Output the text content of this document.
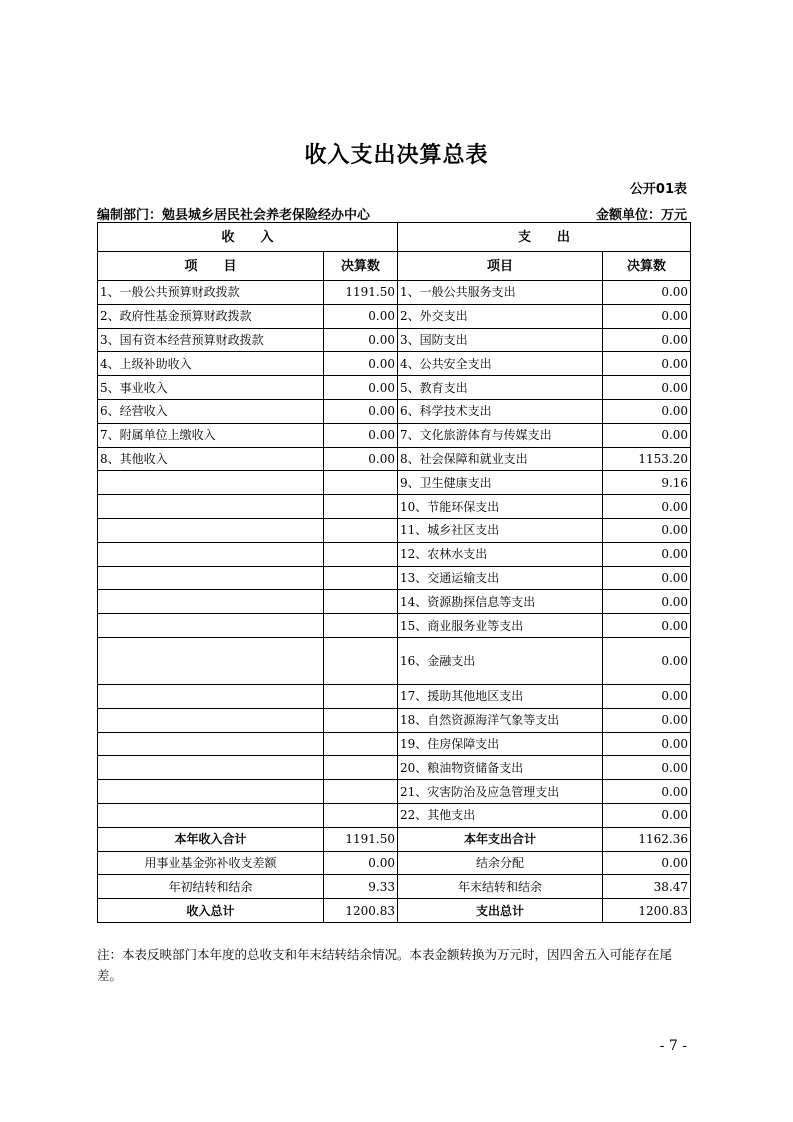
收入支出决算总表
公开01表
编制部门：勉县城乡居民社会养老保险经办中心	金额单位：万元
收　　入		支　　出	
项　　目	决算数	项目	决算数
1、一般公共预算财政拨款	1191.50	1、一般公共服务支出	0.00
2、政府性基金预算财政拨款	0.00	2、外交支出	0.00
3、国有资本经营预算财政拨款	0.00	3、国防支出	0.00
4、上级补助收入	0.00	4、公共安全支出	0.00
5、事业收入	0.00	5、教育支出	0.00
6、经营收入	0.00	6、科学技术支出	0.00
7、附属单位上缴收入	0.00	7、文化旅游体育与传媒支出	0.00
8、其他收入	0.00	8、社会保障和就业支出	1153.20
		9、卫生健康支出	9.16
		10、节能环保支出	0.00
		11、城乡社区支出	0.00
		12、农林水支出	0.00
		13、交通运输支出	0.00
		14、资源勘探信息等支出	0.00
		15、商业服务业等支出	0.00
		16、金融支出	0.00
		17、援助其他地区支出	0.00
		18、自然资源海洋气象等支出	0.00
		19、住房保障支出	0.00
		20、粮油物资储备支出	0.00
		21、灾害防治及应急管理支出	0.00
		22、其他支出	0.00
本年收入合计	1191.50	本年支出合计	1162.36
用事业基金弥补收支差额	0.00	结余分配	0.00
年初结转和结余	9.33	年末结转和结余	38.47
收入总计	1200.83	支出总计	1200.83
注：本表反映部门本年度的总收支和年末结转结余情况。本表金额转换为万元时，因四舍五入可能存在尾差。
- 7 -
